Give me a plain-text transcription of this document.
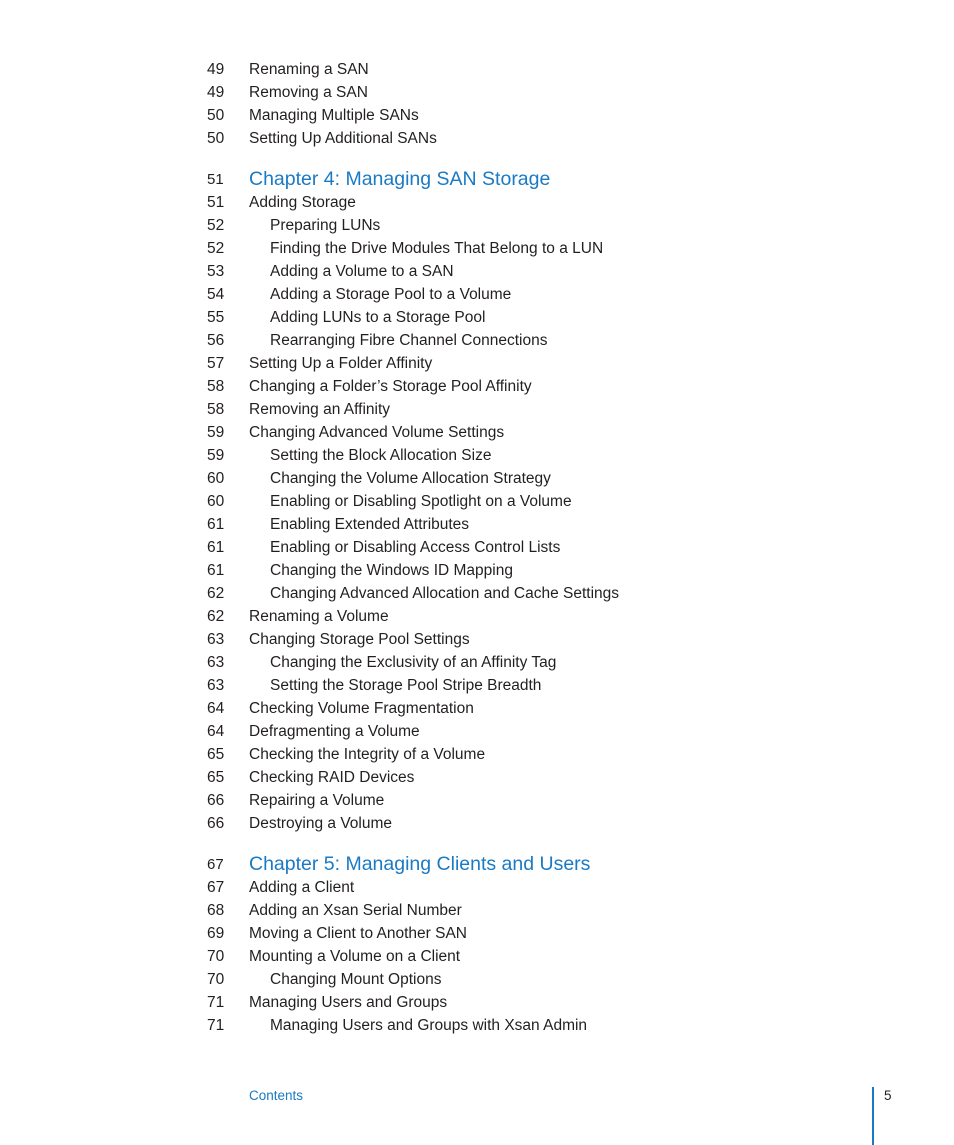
49 Renaming a SAN
49 Removing a SAN
50 Managing Multiple SANs
50 Setting Up Additional SANs
51 Chapter 4: Managing SAN Storage
51 Adding Storage
52	Preparing LUNs
52	Finding the Drive Modules That Belong to a LUN
53	Adding a Volume to a SAN
54	Adding a Storage Pool to a Volume
55	Adding LUNs to a Storage Pool
56	Rearranging Fibre Channel Connections
57 Setting Up a Folder Affinity
58 Changing a Folder’s Storage Pool Affinity
58 Removing an Affinity
59 Changing Advanced Volume Settings
59	Setting the Block Allocation Size
60	Changing the Volume Allocation Strategy
60	Enabling or Disabling Spotlight on a Volume
61	Enabling Extended Attributes
61	Enabling or Disabling Access Control Lists
61	Changing the Windows ID Mapping
62	Changing Advanced Allocation and Cache Settings
62 Renaming a Volume
63 Changing Storage Pool Settings
63	Changing the Exclusivity of an Affinity Tag
63	Setting the Storage Pool Stripe Breadth
64 Checking Volume Fragmentation
64 Defragmenting a Volume
65 Checking the Integrity of a Volume
65 Checking RAID Devices
66 Repairing a Volume
66 Destroying a Volume
67 Chapter 5: Managing Clients and Users
67 Adding a Client
68 Adding an Xsan Serial Number
69 Moving a Client to Another SAN
70 Mounting a Volume on a Client
70	Changing Mount Options
71 Managing Users and Groups
71	Managing Users and Groups with Xsan Admin
Contents	5
